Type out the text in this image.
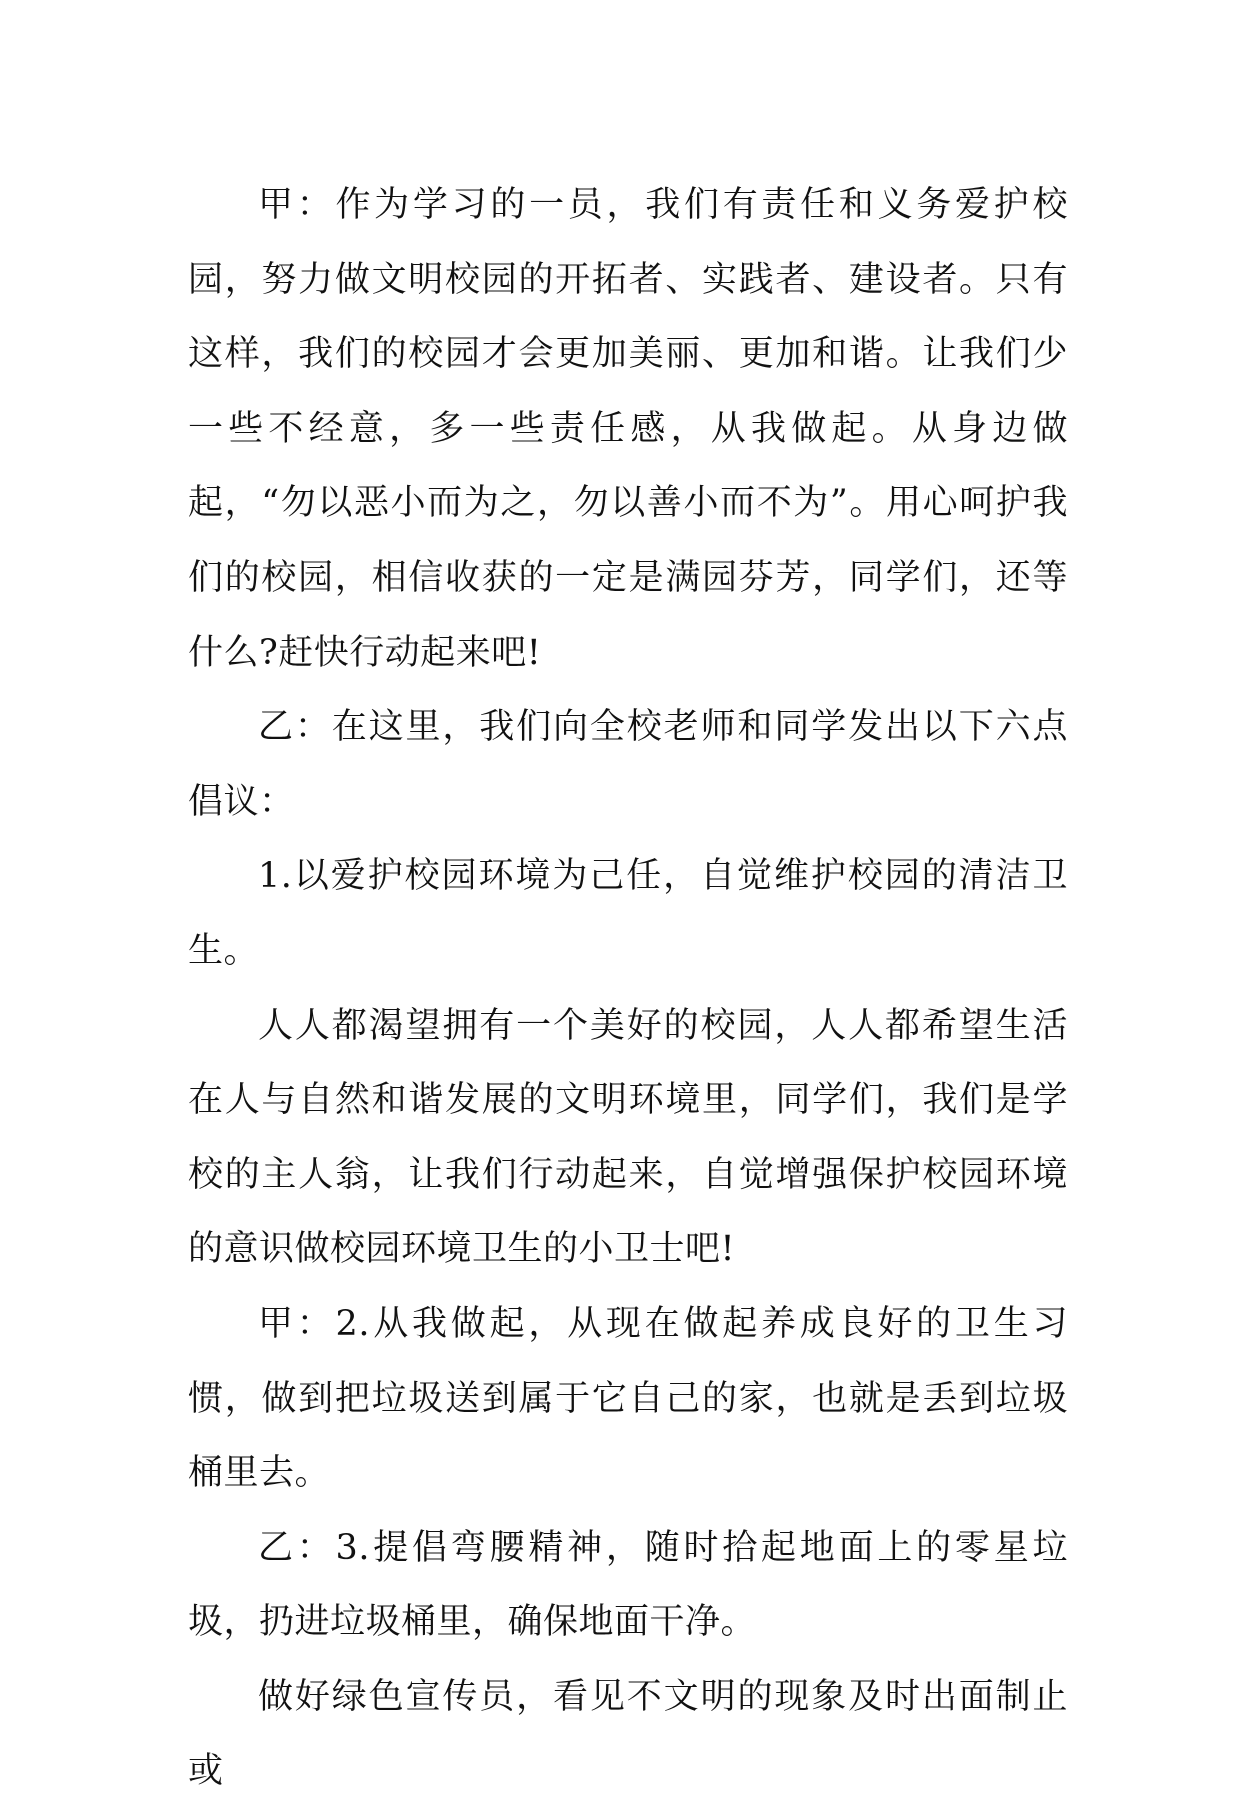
甲：作为学习的一员，我们有责任和义务爱护校园，努力做文明校园的开拓者、实践者、建设者。只有这样，我们的校园才会更加美丽、更加和谐。让我们少一些不经意，多一些责任感，从我做起。从身边做起，“勿以恶小而为之，勿以善小而不为”。用心呵护我们的校园，相信收获的一定是满园芬芳，同学们，还等什么?赶快行动起来吧!

乙：在这里，我们向全校老师和同学发出以下六点倡议：

1.以爱护校园环境为己任，自觉维护校园的清洁卫生。

人人都渴望拥有一个美好的校园，人人都希望生活在人与自然和谐发展的文明环境里，同学们，我们是学校的主人翁，让我们行动起来，自觉增强保护校园环境的意识做校园环境卫生的小卫士吧!

甲：2.从我做起，从现在做起养成良好的卫生习惯，做到把垃圾送到属于它自己的家，也就是丢到垃圾桶里去。

乙：3.提倡弯腰精神，随时拾起地面上的零星垃圾，扔进垃圾桶里，确保地面干净。

做好绿色宣传员，看见不文明的现象及时出面制止或
